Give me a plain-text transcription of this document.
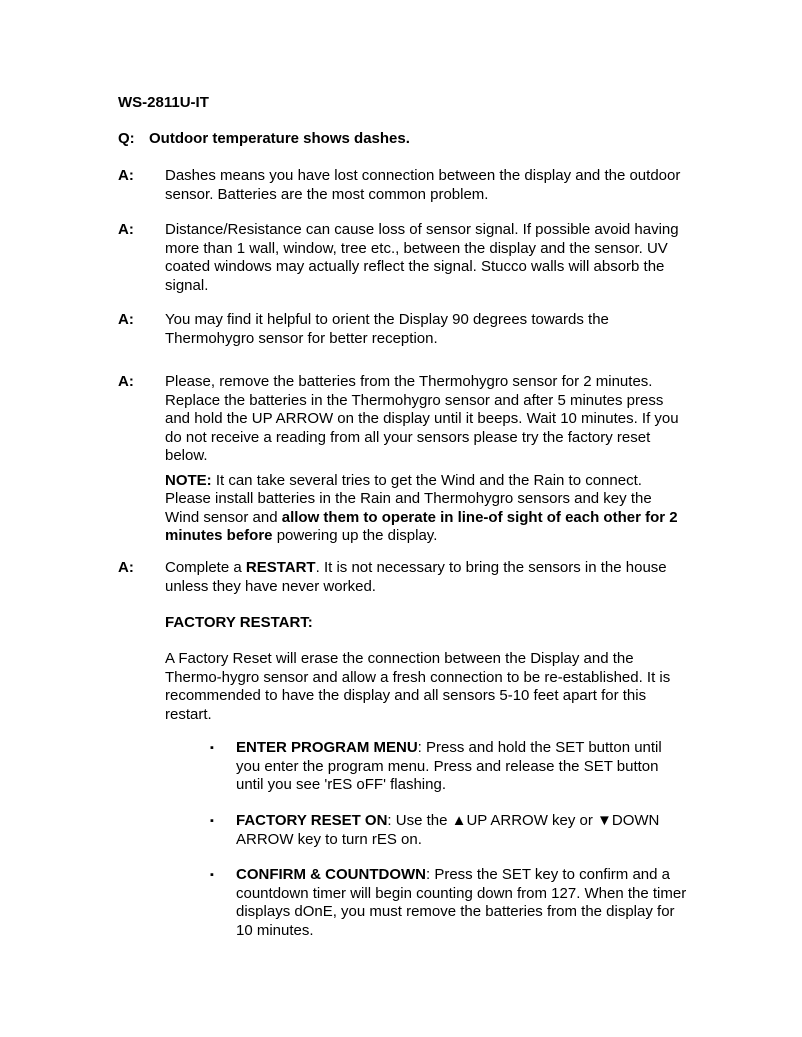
WS-2811U-IT
Q: Outdoor temperature shows dashes.
A: Dashes means you have lost connection between the display and the outdoor sensor. Batteries are the most common problem.
A: Distance/Resistance can cause loss of sensor signal. If possible avoid having more than 1 wall, window, tree etc., between the display and the sensor. UV coated windows may actually reflect the signal. Stucco walls will absorb the signal.
A: You may find it helpful to orient the Display 90 degrees towards the Thermohygro sensor for better reception.
A: Please, remove the batteries from the Thermohygro sensor for 2 minutes. Replace the batteries in the Thermohygro sensor and after 5 minutes press and hold the UP ARROW on the display until it beeps. Wait 10 minutes. If you do not receive a reading from all your sensors please try the factory reset below.
NOTE: It can take several tries to get the Wind and the Rain to connect. Please install batteries in the Rain and Thermohygro sensors and key the Wind sensor and allow them to operate in line-of sight of each other for 2 minutes before powering up the display.
A: Complete a RESTART. It is not necessary to bring the sensors in the house unless they have never worked.
FACTORY RESTART:
A Factory Reset will erase the connection between the Display and the Thermo-hygro sensor and allow a fresh connection to be re-established. It is recommended to have the display and all sensors 5-10 feet apart for this restart.
▪ ENTER PROGRAM MENU: Press and hold the SET button until you enter the program menu. Press and release the SET button until you see 'rES oFF' flashing.
▪ FACTORY RESET ON: Use the ▲UP ARROW key or ▼DOWN ARROW key to turn rES on.
▪ CONFIRM & COUNTDOWN: Press the SET key to confirm and a countdown timer will begin counting down from 127. When the timer displays dOnE, you must remove the batteries from the display for 10 minutes.
